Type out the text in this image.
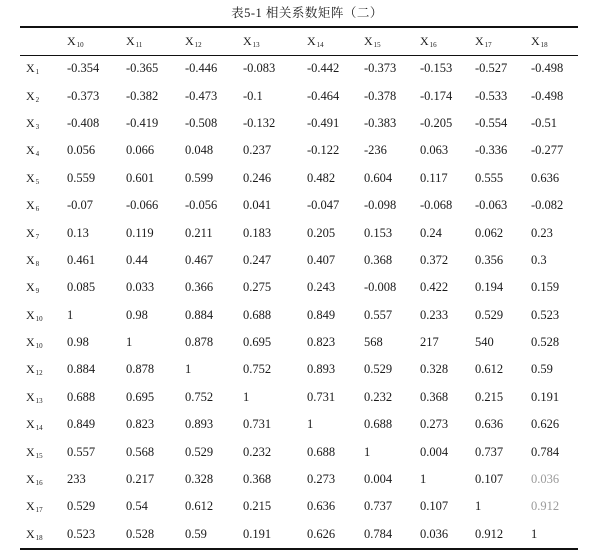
表5-1 相关系数矩阵（二）
	$X_{10}$	$X_{11}$	$X_{12}$	$X_{13}$	$X_{14}$	$X_{15}$	$X_{16}$	$X_{17}$	$X_{18}$
$X_1$	-0.354	-0.365	-0.446	-0.083	-0.442	-0.373	-0.153	-0.527	-0.498
$X_2$	-0.373	-0.382	-0.473	-0.1	-0.464	-0.378	-0.174	-0.533	-0.498
$X_3$	-0.408	-0.419	-0.508	-0.132	-0.491	-0.383	-0.205	-0.554	-0.51
$X_4$	0.056	0.066	0.048	0.237	-0.122	-236	0.063	-0.336	-0.277
$X_5$	0.559	0.601	0.599	0.246	0.482	0.604	0.117	0.555	0.636
$X_6$	-0.07	-0.066	-0.056	0.041	-0.047	-0.098	-0.068	-0.063	-0.082
$X_7$	0.13	0.119	0.211	0.183	0.205	0.153	0.24	0.062	0.23
$X_8$	0.461	0.44	0.467	0.247	0.407	0.368	0.372	0.356	0.3
$X_9$	0.085	0.033	0.366	0.275	0.243	-0.008	0.422	0.194	0.159
$X_{10}$	1	0.98	0.884	0.688	0.849	0.557	0.233	0.529	0.523
$X_{10}$	0.98	1	0.878	0.695	0.823	568	217	540	0.528
$X_{12}$	0.884	0.878	1	0.752	0.893	0.529	0.328	0.612	0.59
$X_{13}$	0.688	0.695	0.752	1	0.731	0.232	0.368	0.215	0.191
$X_{14}$	0.849	0.823	0.893	0.731	1	0.688	0.273	0.636	0.626
$X_{15}$	0.557	0.568	0.529	0.232	0.688	1	0.004	0.737	0.784
$X_{16}$	233	0.217	0.328	0.368	0.273	0.004	1	0.107	0.036
$X_{17}$	0.529	0.54	0.612	0.215	0.636	0.737	0.107	1	0.912
$X_{18}$	0.523	0.528	0.59	0.191	0.626	0.784	0.036	0.912	1
